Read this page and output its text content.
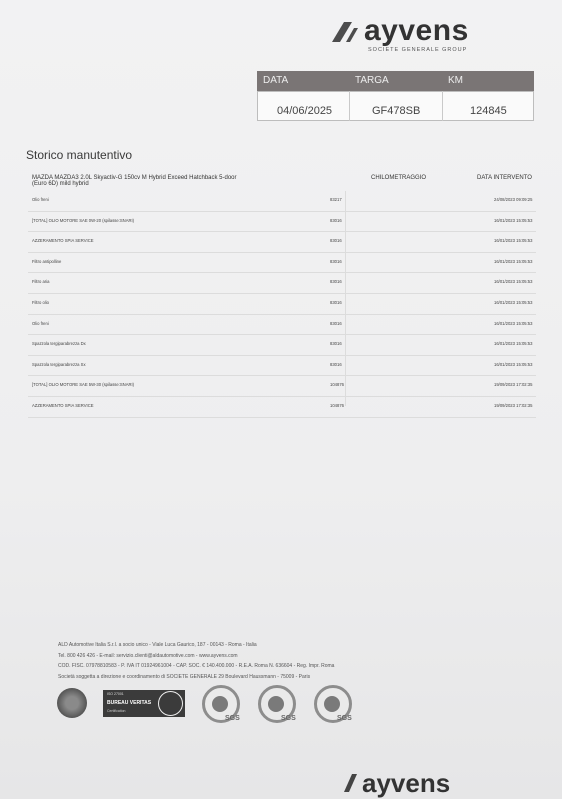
ayvens
SOCIETE GENERALE GROUP
DATA	TARGA	KM
04/06/2025	GF478SB	124845
Storico manutentivo
MAZDA MAZDA3 2.0L Skyactiv-G 150cv M Hybrid Exceed Hatchback 5-door (Euro 6D) mild hybrid
CHILOMETRAGGIO	DATA INTERVENTO
Olio freni	83217	24/08/2023 09:09:25
[TOTAL] OLIO MOTORE SAE 0W-20 (spilasse:SNARI)	83016	16/01/2023 15:05:53
AZZERAMENTO SPIA SERVICE	83016	16/01/2023 15:05:53
Filtro antipolline	83016	16/01/2023 15:05:53
Filtro aria	83016	16/01/2023 15:05:53
Filtro olio	83016	16/01/2023 15:05:53
Olio freni	83016	16/01/2023 15:05:53
Spazzola tergiparabrezza Dx	83016	16/01/2023 15:05:53
Spazzola tergiparabrezza Sx	83016	16/01/2023 15:05:53
[TOTAL] OLIO MOTORE SAE 5W-30 (spilasse:SNARI)	104876	19/09/2023 17:02:35
AZZERAMENTO SPIA SERVICE	104876	19/09/2023 17:02:35
ALD Automotive Italia S.r.l. a socio unico - Viale Luca Gaurico, 187 - 00143 - Roma - Italia
Tel. 800 426 426 - E-mail: servizio.clienti@aldautomotive.com - www.ayvens.com
COD. FISC. 07978810583 - P. IVA IT 01924961004 - CAP. SOC. € 140.400.000 - R.E.A. Roma N. 636604 - Reg. Impr. Roma
Società soggetta a direzione e coordinamento di SOCIETE GENERALE 29 Boulevard Haussmann - 75009 - Paris
ISO 27001
BUREAU VERITAS
Certification
SGS	SGS	SGS
ayvens
